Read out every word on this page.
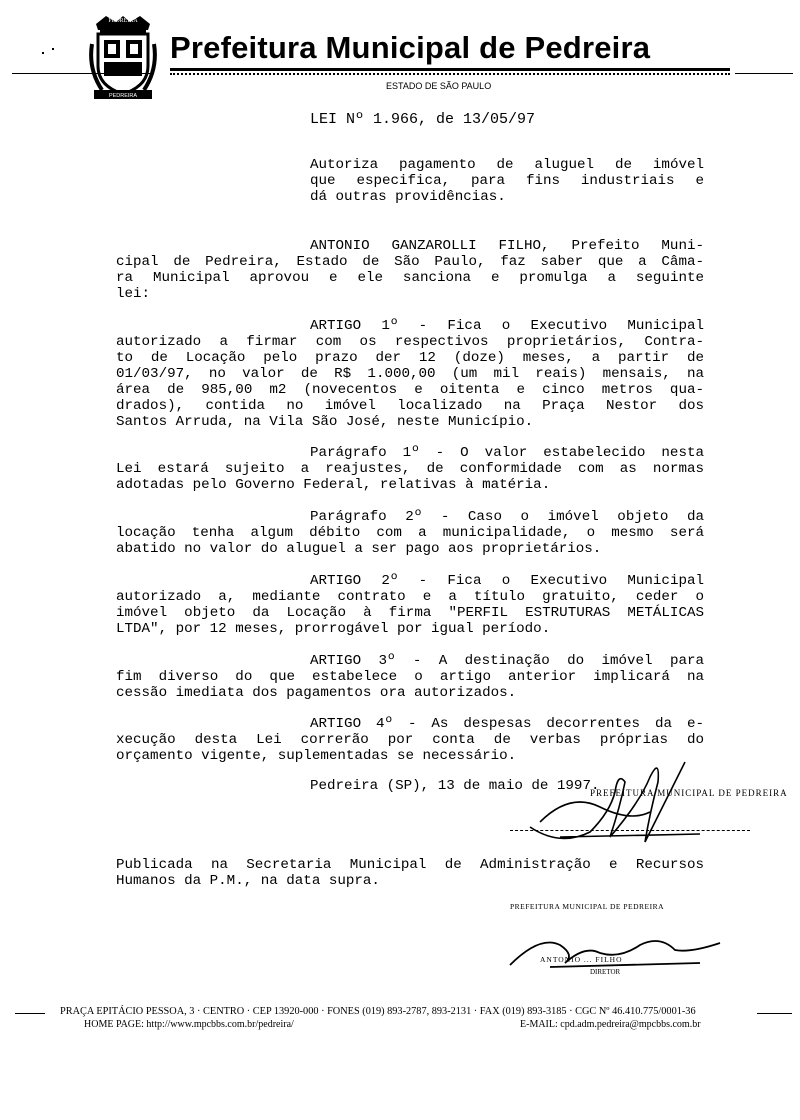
PEDREIRA
PEDREIRA
Prefeitura Municipal de Pedreira
ESTADO DE SÃO PAULO
LEI Nº 1.966, de 13/05/97
Autoriza pagamento de aluguel de imóvel
que especifica, para fins industriais e
dá outras providências.
ANTONIO GANZAROLLI FILHO, Prefeito Muni-
cipal de Pedreira, Estado de São Paulo, faz saber que a Câma-
ra Municipal aprovou e ele sanciona e promulga a seguinte
lei:
ARTIGO 1º - Fica o Executivo Municipal
autorizado a firmar com os respectivos proprietários, Contra-
to de Locação pelo prazo der 12 (doze) meses, a partir de
01/03/97, no valor de R$ 1.000,00 (um mil reais) mensais, na
área de 985,00 m2 (novecentos e oitenta e cinco metros qua-
drados), contida no imóvel localizado na Praça Nestor dos
Santos Arruda, na Vila São José, neste Município.
Parágrafo 1º - O valor estabelecido nesta
Lei estará sujeito a reajustes, de conformidade com as normas
adotadas pelo Governo Federal, relativas à matéria.
Parágrafo 2º - Caso o imóvel objeto da
locação tenha algum débito com a municipalidade, o mesmo será
abatido no valor do aluguel a ser pago aos proprietários.
ARTIGO 2º - Fica o Executivo Municipal
autorizado a, mediante contrato e a título gratuito, ceder o
imóvel objeto da Locação à firma "PERFIL ESTRUTURAS METÁLICAS
LTDA", por 12 meses, prorrogável por igual período.
ARTIGO 3º - A destinação do imóvel para
fim diverso do que estabelece o artigo anterior implicará na
cessão imediata dos pagamentos ora autorizados.
ARTIGO 4º - As despesas decorrentes da e-
xecução desta Lei correrão por conta de verbas próprias do
orçamento vigente, suplementadas se necessário.
Pedreira (SP), 13 de maio de 1997.
PREFEITURA MUNICIPAL DE PEDREIRA
Publicada na Secretaria Municipal de Administração e Recursos
Humanos da P.M., na data supra.
PREFEITURA MUNICIPAL DE PEDREIRA
ANTONIO ... FILHO
DIRETOR
PRAÇA EPITÁCIO PESSOA, 3 · CENTRO · CEP 13920-000 · FONES (019) 893-2787, 893-2131 · FAX (019) 893-3185 · CGC Nº 46.410.775/0001-36
HOME PAGE: http://www.mpcbbs.com.br/pedreira/	E-MAIL: cpd.adm.pedreira@mpcbbs.com.br
